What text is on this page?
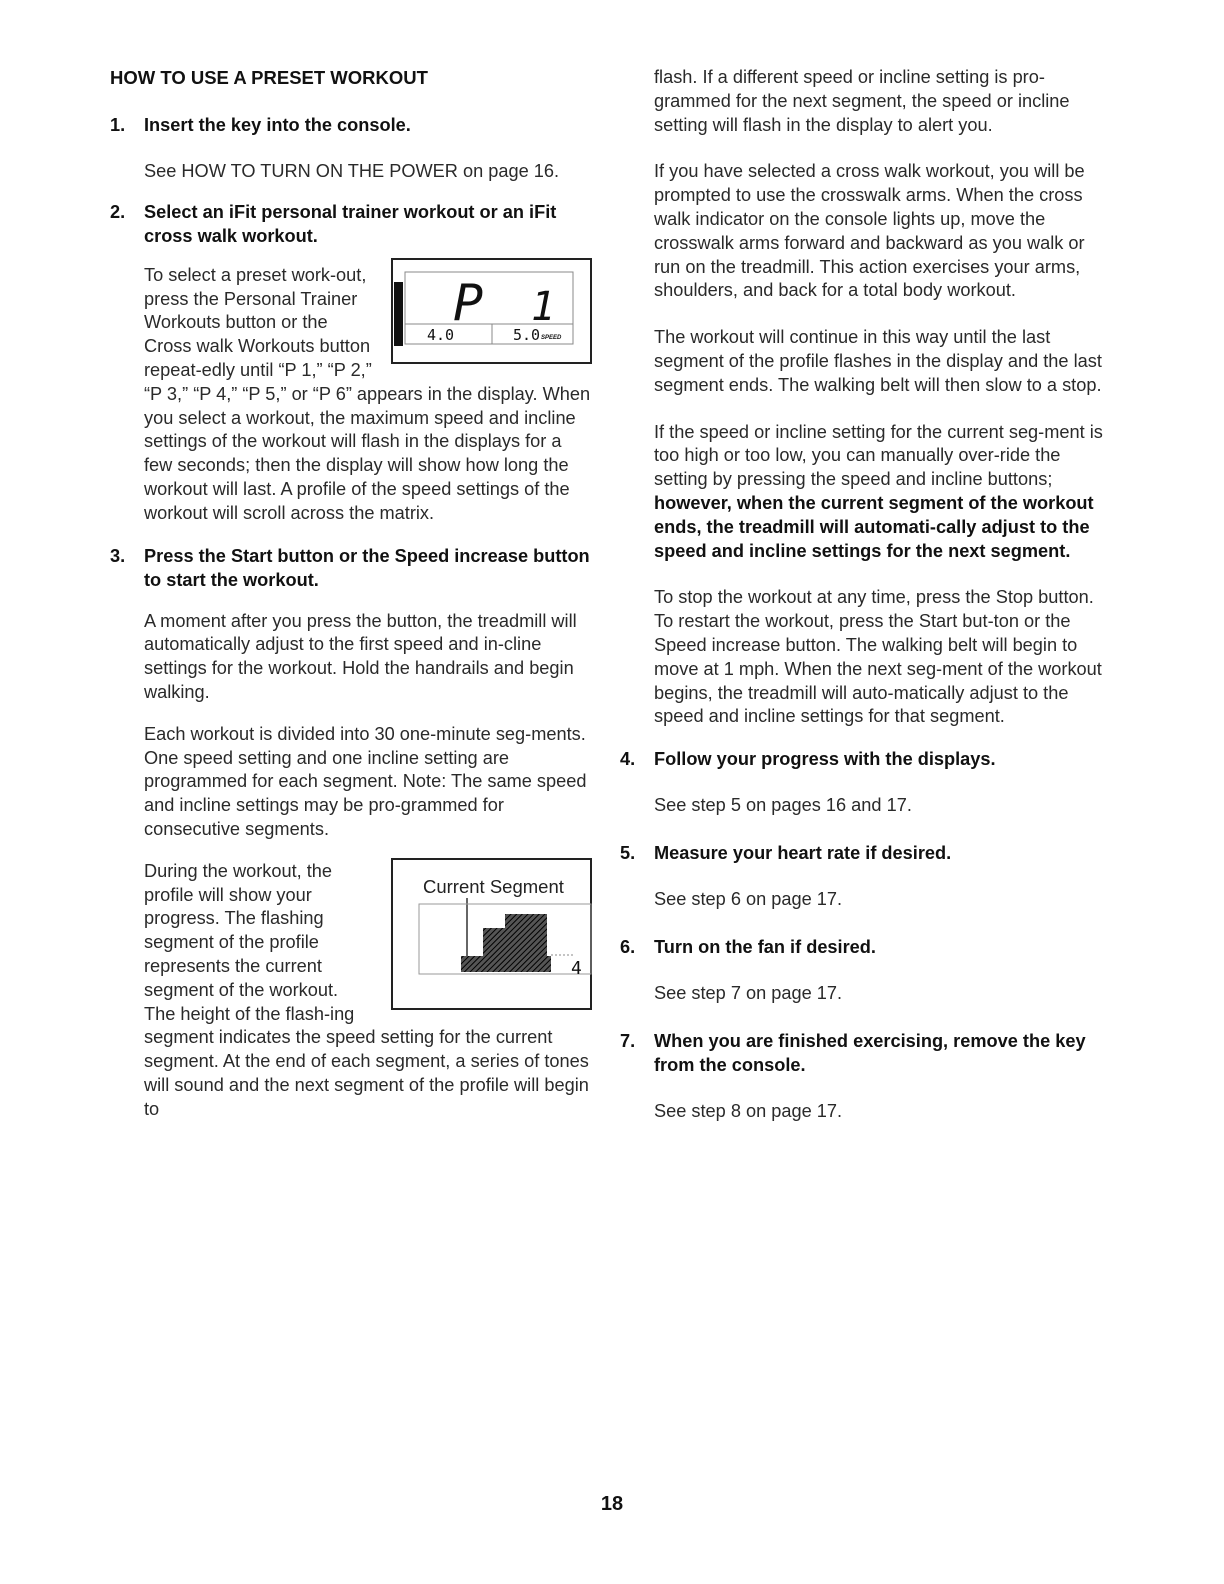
HOW TO USE A PRESET WORKOUT
1.	Insert the key into the console.

See HOW TO TURN ON THE POWER on page 16.

2.	Select an iFit personal trainer workout or an iFit cross walk workout.
P 1
4.0	5.0 SPEED

To select a preset work-out, press the Personal Trainer Workouts button or the Cross walk Workouts button repeat-edly until “P 1,” “P 2,” “P 3,” “P 4,” “P 5,” or “P 6” appears in the display. When you select a workout, the maximum speed and incline settings of the workout will flash in the displays for a few seconds; then the display will show how long the workout will last. A profile of the speed settings of the workout will scroll across the matrix.

3.	Press the Start button or the Speed increase button to start the workout.

A moment after you press the button, the treadmill will automatically adjust to the first speed and in-cline settings for the workout. Hold the handrails and begin walking.

Each workout is divided into 30 one-minute seg-ments. One speed setting and one incline setting are programmed for each segment. Note: The same speed and incline settings may be pro-grammed for consecutive segments.

Current Segment
4

During the workout, the profile will show your progress. The flashing segment of the profile represents the current segment of the workout. The height of the flash-ing segment indicates the speed setting for the current segment. At the end of each segment, a series of tones will sound and the next segment of the profile will begin to

flash. If a different speed or incline setting is pro-grammed for the next segment, the speed or incline setting will flash in the display to alert you.

If you have selected a cross walk workout, you will be prompted to use the crosswalk arms. When the cross walk indicator on the console lights up, move the crosswalk arms forward and backward as you walk or run on the treadmill. This action exercises your arms, shoulders, and back for a total body workout.

The workout will continue in this way until the last segment of the profile flashes in the display and the last segment ends. The walking belt will then slow to a stop.

If the speed or incline setting for the current seg-ment is too high or too low, you can manually over-ride the setting by pressing the speed and incline buttons; however, when the current segment of the workout ends, the treadmill will automati-cally adjust to the speed and incline settings for the next segment.

To stop the workout at any time, press the Stop button. To restart the workout, press the Start but-ton or the Speed increase button. The walking belt will begin to move at 1 mph. When the next seg-ment of the workout begins, the treadmill will auto-matically adjust to the speed and incline settings for that segment.

4.	Follow your progress with the displays.

See step 5 on pages 16 and 17.

5.	Measure your heart rate if desired.

See step 6 on page 17.

6.	Turn on the fan if desired.

See step 7 on page 17.

7.	When you are finished exercising, remove the key from the console.

See step 8 on page 17.

18
